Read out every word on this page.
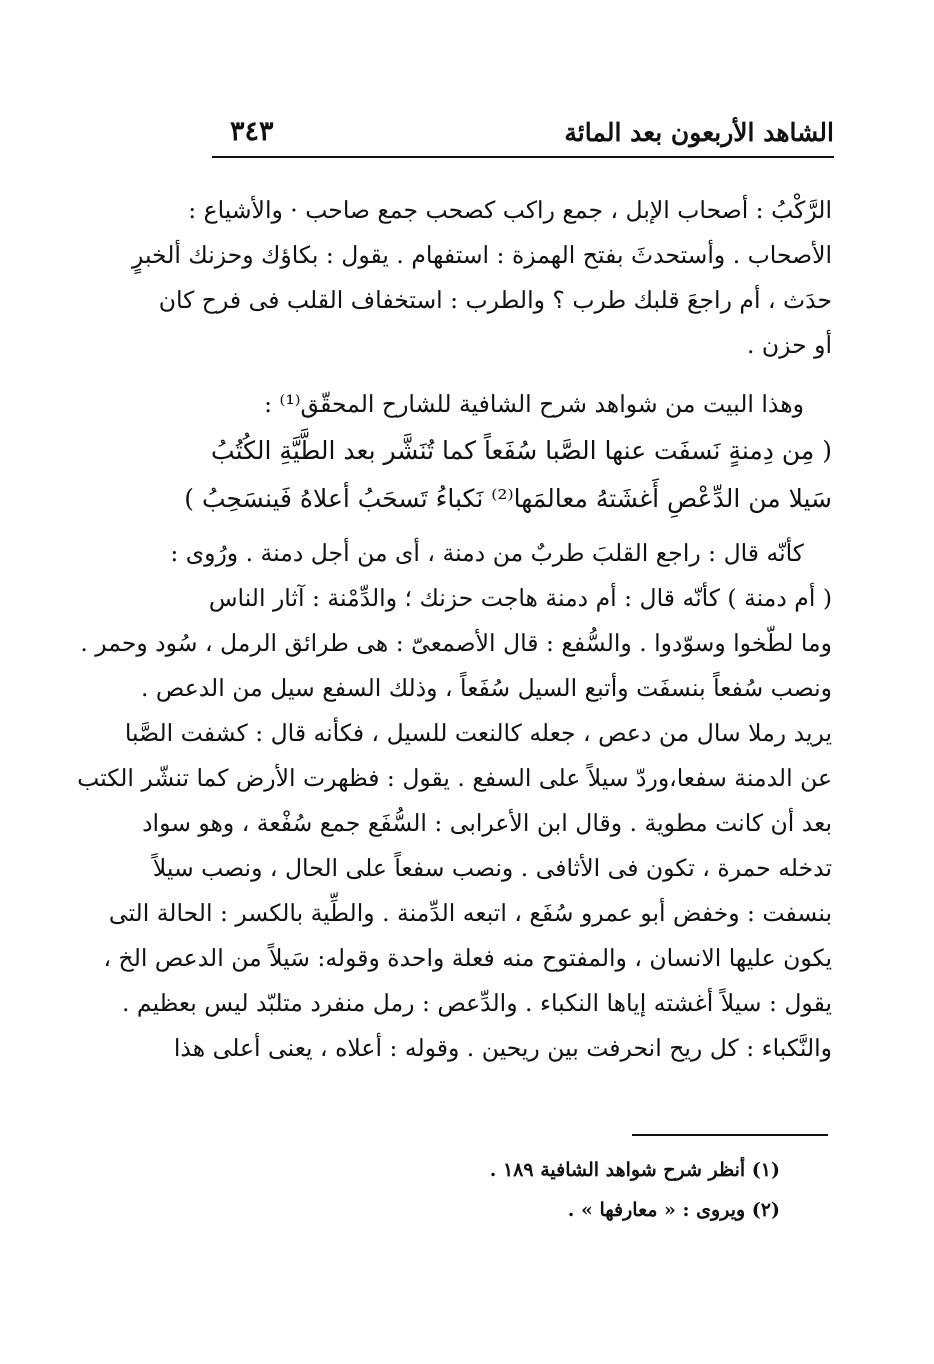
الشاهد الأربعون بعد المائة
٣٤٣
الرَّكْبُ : أصحاب الإبل ، جمع راكب كصحب جمع صاحب · والأشياع :
الأصحاب . وأستحدثَ بفتح الهمزة : استفهام . يقول : بكاؤك وحزنك ألخبرٍ
حدَث ، أم راجعَ قلبك طرب ؟ والطرب : استخفاف القلب فى فرح كان
أو حزن .
وهذا البيت من شواهد شرح الشافية للشارح المحقّق⁽¹⁾ :
( مِن دِمنةٍ نَسفَت عنها الصَّبا سُفَعاً كما تُنَشَّر بعد الطَّيَّةِ الكُتُبُ
سَيلا من الدِّعْصِ أَغشَتهُ معالمَها⁽²⁾ نَكباءُ تَسحَبُ أعلاهُ فَينسَحِبُ )
كأنّه قال : راجع القلبَ طربٌ من دمنة ، أى من أجل دمنة . ورُوى :
( أم دمنة ) كأنّه قال : أم دمنة هاجت حزنك ؛ والدِّمْنة : آثار الناس
وما لطّخوا وسوّدوا . والسُّفع : قال الأصمعىّ : هى طرائق الرمل ، سُود وحمر .
ونصب سُفعاً بنسفَت وأتبع السيل سُفَعاً ، وذلك السفع سيل من الدعص .
يريد رملا سال من دعص ، جعله كالنعت للسيل ، فكأنه قال : كشفت الصَّبا
عن الدمنة سفعا،وردّ سيلاً على السفع . يقول : فظهرت الأرض كما تنشّر الكتب
بعد أن كانت مطوية . وقال ابن الأعرابى : السُّفَع جمع سُفْعة ، وهو سواد
تدخله حمرة ، تكون فى الأثافى . ونصب سفعاً على الحال ، ونصب سيلاً
بنسفت : وخفض أبو عمرو سُفَع ، اتبعه الدِّمنة . والطِّية بالكسر : الحالة التى
يكون عليها الانسان ، والمفتوح منه فعلة واحدة وقوله: سَيلاً من الدعص الخ ،
يقول : سيلاً أغشته إياها النكباء . والدِّعص : رمل منفرد متلبّد ليس بعظيم .
والنَّكباء : كل ريح انحرفت بين ريحين . وقوله : أعلاه ، يعنى أعلى هذا
(١) أنظر شرح شواهد الشافية ١٨٩ .
(٢) ويروى : « معارفها » .
